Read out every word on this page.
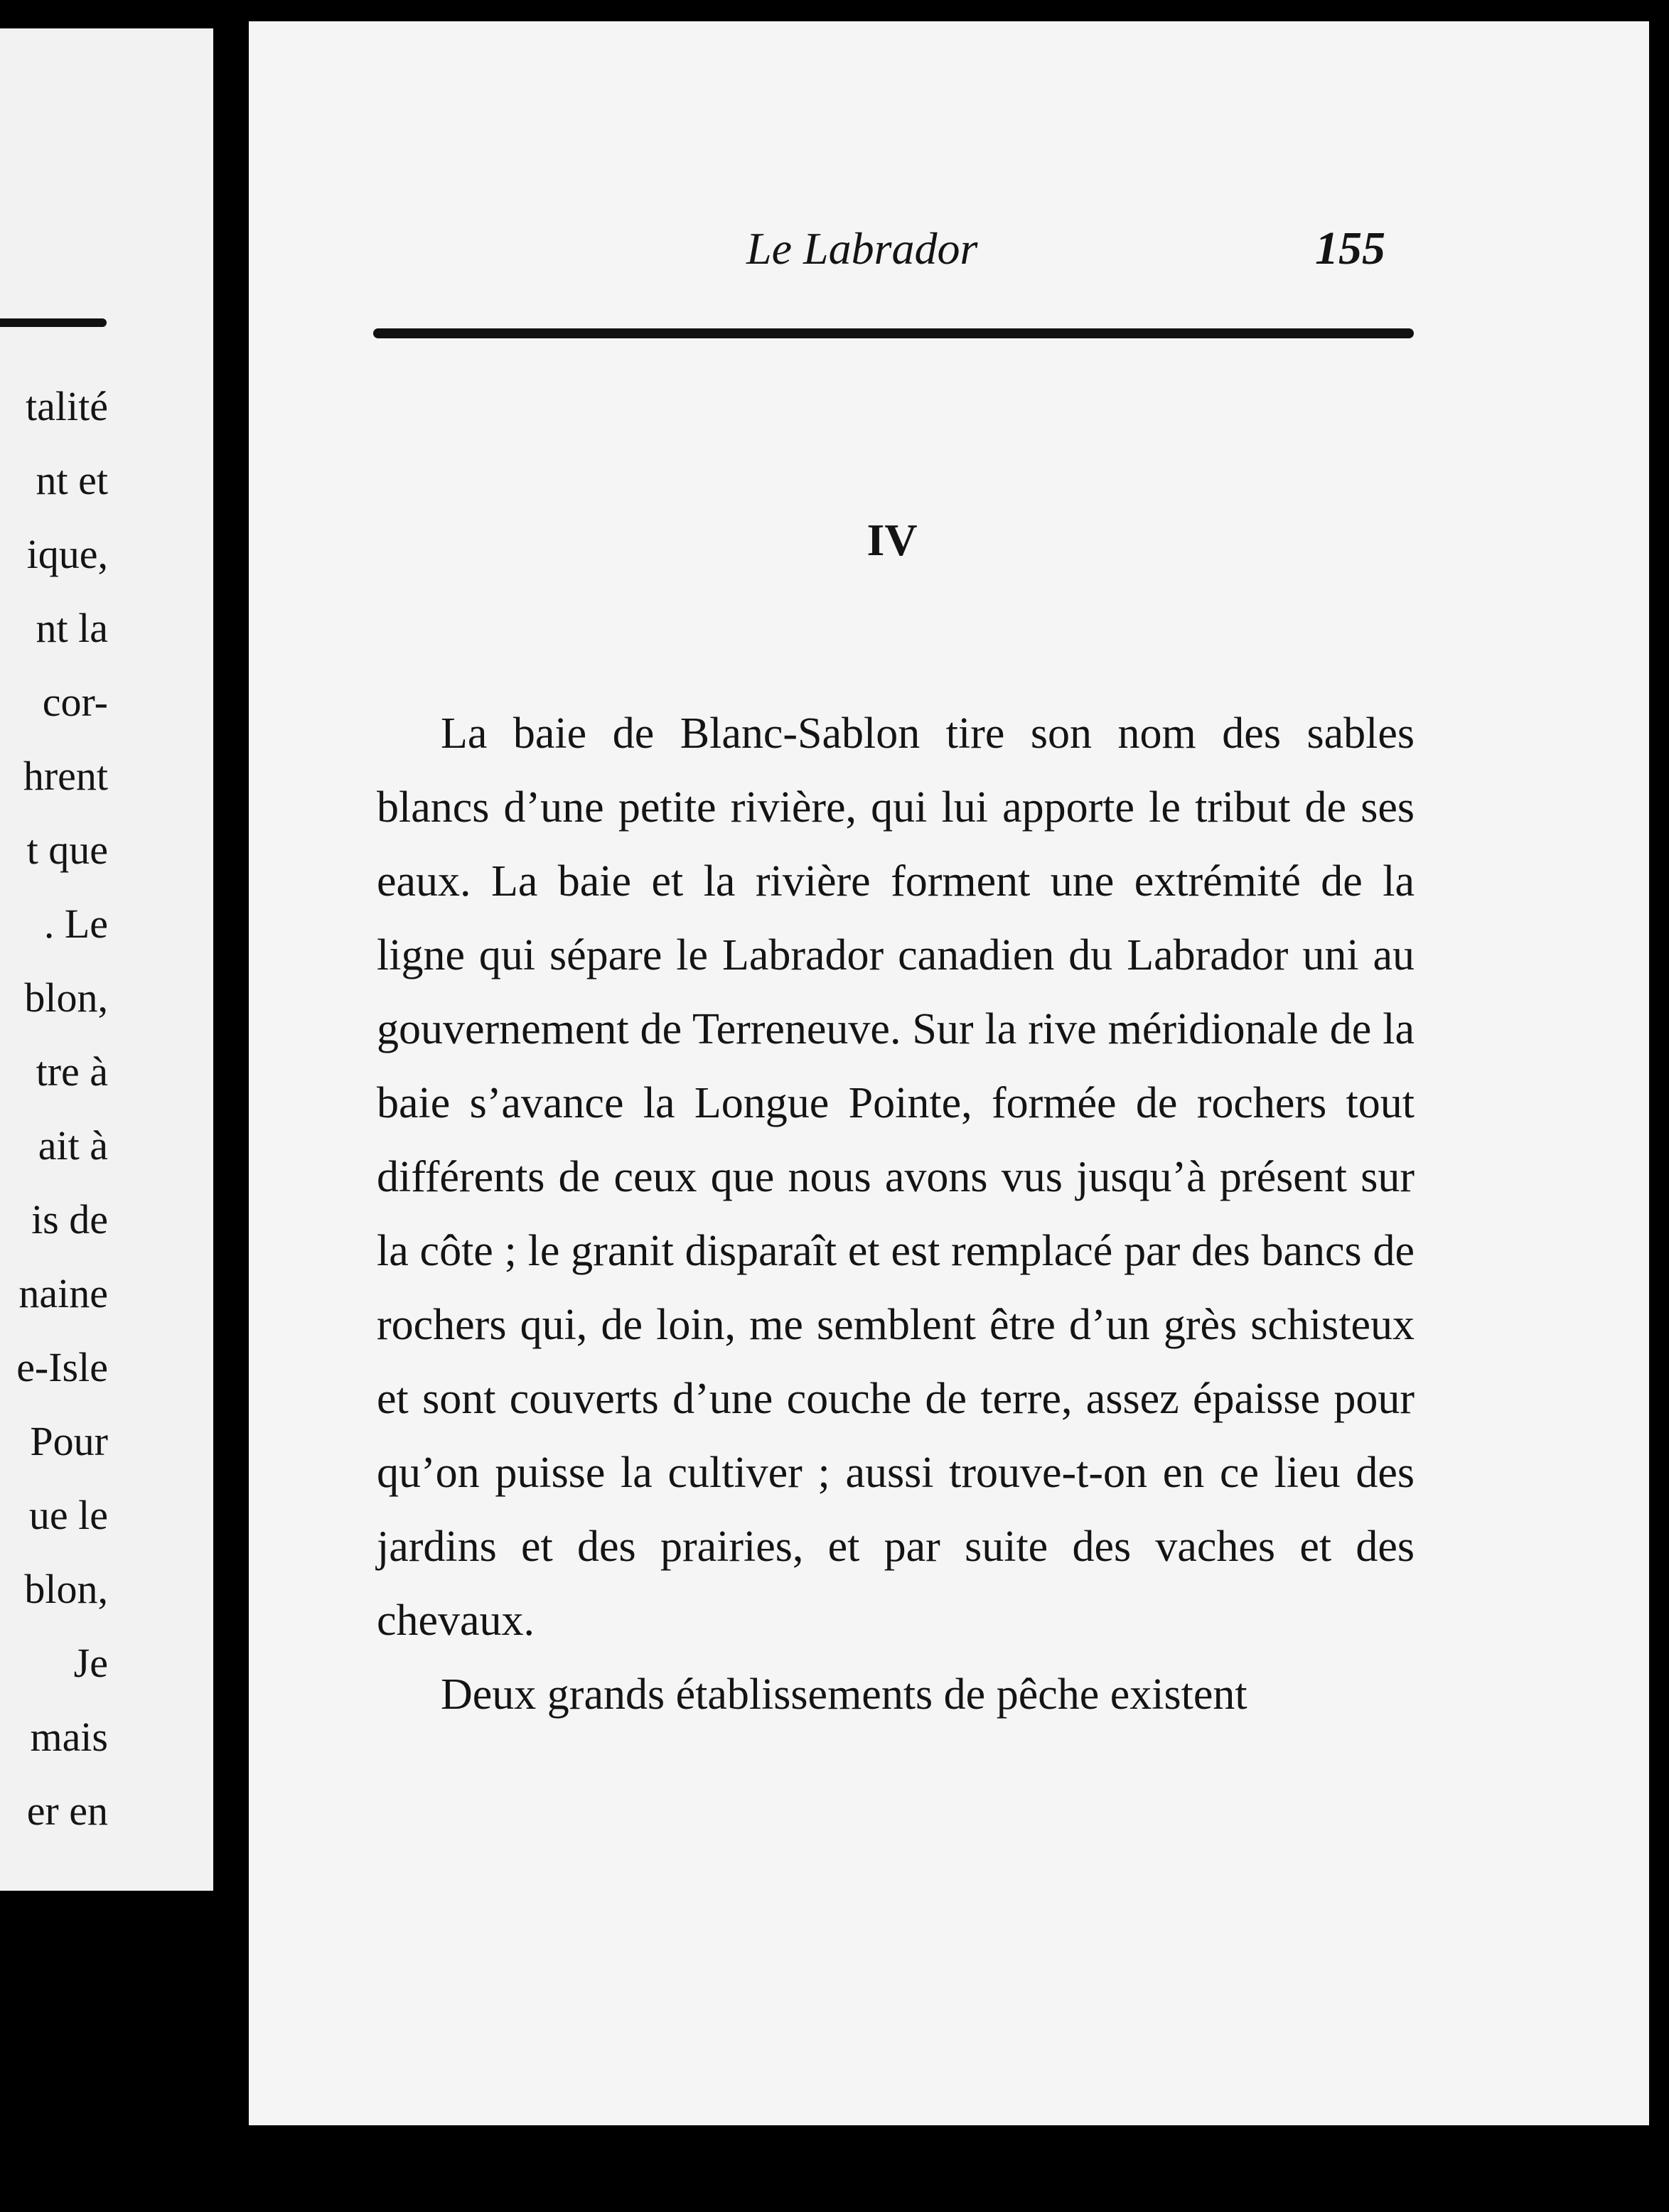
talité
nt et
ique,
nt la
cor-
hrent
t que
. Le
blon,
tre à
ait à
is de
naine
e-Isle
Pour
ue le
blon,
Je
mais
er en
Le Labrador	155
IV

La baie de Blanc-Sablon tire son nom des sables blancs d’une petite rivière, qui lui apporte le tribut de ses eaux. La baie et la rivière forment une extrémité de la ligne qui sépare le Labrador canadien du Labrador uni au gouvernement de Terreneuve. Sur la rive méridionale de la baie s’avance la Longue Pointe, formée de rochers tout différents de ceux que nous avons vus jusqu’à présent sur la côte ; le granit disparaît et est remplacé par des bancs de rochers qui, de loin, me semblent être d’un grès schisteux et sont couverts d’une couche de terre, assez épaisse pour qu’on puisse la cultiver ; aussi trouve-t-on en ce lieu des jardins et des prairies, et par suite des vaches et des chevaux.

Deux grands établissements de pêche existent
